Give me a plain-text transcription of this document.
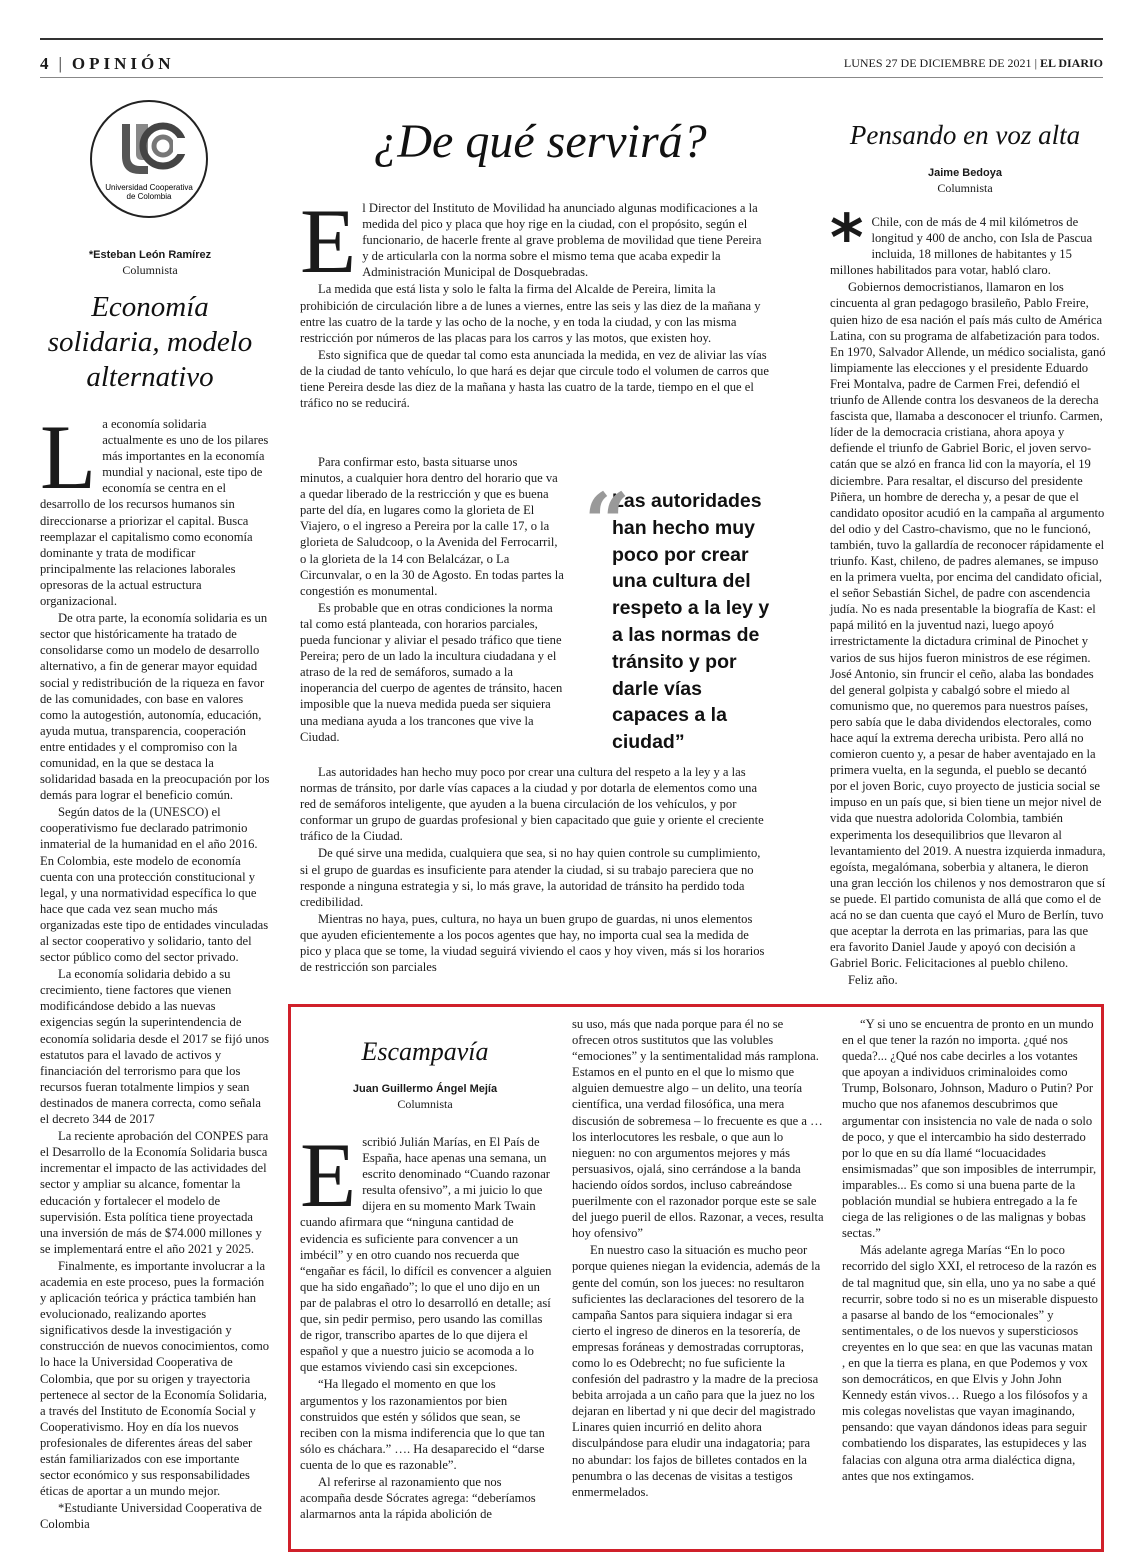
4 | OPINIÓN	LUNES 27 DE DICIEMBRE DE 2021 | EL DIARIO
Universidad Cooperativa
de Colombia
*Esteban León Ramírez
Columnista
Economía solidaria, modelo alternativo

La economía solidaria actualmente es uno de los pilares más importantes en la economía mundial y nacional, este tipo de economía se centra en el desarrollo de los recursos humanos sin direccionarse a priorizar el capital. Busca reemplazar el capitalismo como economía dominante y trata de modificar principalmente las relaciones laborales opresoras de la actual estructura organizacional.

De otra parte, la economía solidaria es un sector que históricamente ha tratado de consolidarse como un modelo de desarrollo alternativo, a fin de generar mayor equidad social y redistribución de la riqueza en favor de las comunidades, con base en valores como la autogestión, autonomía, educación, ayuda mutua, transparencia, cooperación entre entidades y el compromiso con la comunidad, en la que se destaca la solidaridad basada en la preocupación por los demás para lograr el beneficio común.

Según datos de la (UNESCO) el cooperativismo fue declarado patrimonio inmaterial de la humanidad en el año 2016. En Colombia, este modelo de economía cuenta con una protección constitucional y legal, y una normatividad específica lo que hace que cada vez sean mucho más organizadas este tipo de entidades vinculadas al sector cooperativo y solidario, tanto del sector público como del sector privado.

La economía solidaria debido a su crecimiento, tiene factores que vienen modificándose debido a las nuevas exigencias según la superintendencia de economía solidaria desde el 2017 se fijó unos estatutos para el lavado de activos y financiación del terrorismo para que los recursos fueran totalmente limpios y sean destinados de manera correcta, como señala el decreto 344 de 2017

La reciente aprobación del CONPES para el Desarrollo de la Economía Solidaria busca incrementar el impacto de las actividades del sector y ampliar su alcance, fomentar la educación y fortalecer el modelo de supervisión. Esta política tiene proyectada una inversión de más de $74.000 millones y se implementará entre el año 2021 y 2025.

Finalmente, es importante involucrar a la academia en este proceso, pues la formación y aplicación teórica y práctica también han evolucionado, realizando aportes significativos desde la investigación y construcción de nuevos conocimientos, como lo hace la Universidad Cooperativa de Colombia, que por su origen y trayectoria pertenece al sector de la Economía Solidaria, a través del Instituto de Economía Social y Cooperativismo. Hoy en día los nuevos profesionales de diferentes áreas del saber están familiarizados con ese importante sector económico y sus responsabilidades éticas de aportar a un mundo mejor.

*Estudiante Universidad Cooperativa de Colombia

¿De qué servirá?

El Director del Instituto de Movilidad ha anunciado algunas modificaciones a la medida del pico y placa que hoy rige en la ciudad, con el propósito, según el funcionario, de hacerle frente al grave problema de movilidad que tiene Pereira y de articularla con la norma sobre el mismo tema que acaba expedir la Administración Municipal de Dosquebradas.

La medida que está lista y solo le falta la firma del Alcalde de Pereira, limita la prohibición de circulación libre a de lunes a viernes, entre las seis y las diez de la mañana y entre las cuatro de la tarde y las ocho de la noche, y en toda la ciudad, y con las misma restricción por números de las placas para los carros y las motos, que existen hoy.

Esto significa que de quedar tal como esta anunciada la medida, en vez de aliviar las vías de la ciudad de tanto vehículo, lo que hará es dejar que circule todo el volumen de carros que tiene Pereira desde las diez de la mañana y hasta las cuatro de la tarde, tiempo en el que el tráfico no se reducirá.

Para confirmar esto, basta situarse unos minutos, a cualquier hora dentro del horario que va a quedar liberado de la restricción y que es buena parte del día, en lugares como la glorieta de El Viajero, o el ingreso a Pereira por la calle 17, o la glorieta de Saludcoop, o la Avenida del Ferrocarril, o la glorieta de la 14 con Belalcázar, o La Circunvalar, o en la 30 de Agosto. En todas partes la congestión es monumental.

Es probable que en otras condiciones la norma tal como está planteada, con horarios parciales, pueda funcionar y aliviar el pesado tráfico que tiene Pereira; pero de un lado la incultura ciudadana y el atraso de la red de semáforos, sumado a la inoperancia del cuerpo de agentes de tránsito, hacen imposible que la nueva medida pueda ser siquiera una mediana ayuda a los trancones que vive la Ciudad.

“
Las autoridades han hecho muy poco por crear una cultura del respeto a la ley y a las normas de tránsito y por darle vías capaces a la ciudad”

Las autoridades han hecho muy poco por crear una cultura del respeto a la ley y a las normas de tránsito, por darle vías capaces a la ciudad y por dotarla de elementos como una red de semáforos inteligente, que ayuden a la buena circulación de los vehículos, y por conformar un grupo de guardas profesional y bien capacitado que guie y oriente el creciente tráfico de la Ciudad.

De qué sirve una medida, cualquiera que sea, si no hay quien controle su cumplimiento, si el grupo de guardas es insuficiente para atender la ciudad, si su trabajo pareciera que no responde a ninguna estrategia y si, lo más grave, la autoridad de tránsito ha perdido toda credibilidad.

Mientras no haya, pues, cultura, no haya un buen grupo de guardas, ni unos elementos que ayuden eficientemente a los pocos agentes que hay, no importa cual sea la medida de pico y placa que se tome, la viudad seguirá viviendo el caos y hoy viven, más si los horarios de restricción son parciales

Pensando en voz alta
Jaime Bedoya
Columnista

* Chile, con de más de 4 mil kilómetros de longitud y 400 de ancho, con Isla de Pascua incluida, 18 millones de habitantes y 15 millones habilitados para votar, habló claro.

Gobiernos democristianos, llamaron en los cincuenta al gran pedagogo brasileño, Pablo Freire, quien hizo de esa nación el país más culto de América Latina, con su programa de alfabetización para todos. En 1970, Salvador Allende, un médico socialista, ganó limpiamente las elecciones y el presidente Eduardo Frei Montalva, padre de Carmen Frei, defendió el triunfo de Allende contra los desvaneos de la derecha fascista que, llamaba a desconocer el triunfo. Carmen, líder de la democracia cristiana, ahora apoya y defiende el triunfo de Gabriel Boric, el joven servo-catán que se alzó en franca lid con la mayoría, el 19 diciembre. Para resaltar, el discurso del presidente Piñera, un hombre de derecha y, a pesar de que el candidato opositor acudió en la campaña al argumento del odio y del Castro-chavismo, que no le funcionó, también, tuvo la gallardía de reconocer rápidamente el triunfo. Kast, chileno, de padres alemanes, se impuso en la primera vuelta, por encima del candidato oficial, el señor Sebastián Sichel, de padre con ascendencia judía. No es nada presentable la biografía de Kast: el papá militó en la juventud nazi, luego apoyó irrestrictamente la dictadura criminal de Pinochet y varios de sus hijos fueron ministros de ese régimen. José Antonio, sin fruncir el ceño, alaba las bondades del general golpista y cabalgó sobre el miedo al comunismo que, no queremos para nuestros países, pero sabía que le daba dividendos electorales, como hace aquí la extrema derecha uribista. Pero allá no comieron cuento y, a pesar de haber aventajado en la primera vuelta, en la segunda, el pueblo se decantó por el joven Boric, cuyo proyecto de justicia social se impuso en un país que, si bien tiene un mejor nivel de vida que nuestra adolorida Colombia, también experimenta los desequilibrios que llevaron al levantamiento del 2019. A nuestra izquierda inmadura, egoísta, megalómana, soberbia y altanera, le dieron una gran lección los chilenos y nos demostraron que sí se puede. El partido comunista de allá que como el de acá no se dan cuenta que cayó el Muro de Berlín, tuvo que aceptar la derrota en las primarias, para las que era favorito Daniel Jaude y apoyó con decisión a Gabriel Boric. Felicitaciones al pueblo chileno.

Feliz año.

Escampavía
Juan Guillermo Ángel Mejía
Columnista

Escribió Julián Marías, en El País de España, hace apenas una semana, un escrito denominado “Cuando razonar resulta ofensivo”, a mi juicio lo que dijera en su momento Mark Twain cuando afirmara que “ninguna cantidad de evidencia es suficiente para convencer a un imbécil” y en otro cuando nos recuerda que “engañar es fácil, lo difícil es convencer a alguien que ha sido engañado”; lo que el uno dijo en un par de palabras el otro lo desarrolló en detalle; así que, sin pedir permiso, pero usando las comillas de rigor, transcribo apartes de lo que dijera el español y que a nuestro juicio se acomoda a lo que estamos viviendo casi sin excepciones.

“Ha llegado el momento en que los argumentos y los razonamientos por bien construidos que estén y sólidos que sean, se reciben con la misma indiferencia que lo que tan sólo es cháchara.” …. Ha desaparecido el “darse cuenta de lo que es razonable”.

Al referirse al razonamiento que nos acompaña desde Sócrates agrega: “deberíamos alarmarnos anta la rápida abolición de

su uso, más que nada porque para él no se ofrecen otros sustitutos que las volubles “emociones” y la sentimentalidad más ramplona. Estamos en el punto en el que lo mismo que alguien demuestre algo – un delito, una teoría científica, una verdad filosófica, una mera discusión de sobremesa – lo frecuente es que a … los interlocutores les resbale, o que aun lo nieguen: no con argumentos mejores y más persuasivos, ojalá, sino cerrándose a la banda haciendo oídos sordos, incluso cabreándose puerilmente con el razonador porque este se sale del juego pueril de ellos. Razonar, a veces, resulta hoy ofensivo”

En nuestro caso la situación es mucho peor porque quienes niegan la evidencia, además de la gente del común, son los jueces: no resultaron suficientes las declaraciones del tesorero de la campaña Santos para siquiera indagar si era cierto el ingreso de dineros en la tesorería, de empresas foráneas y demostradas corruptoras, como lo es Odebrecht; no fue suficiente la confesión del padrastro y la madre de la preciosa bebita arrojada a un caño para que la juez no los dejaran en libertad y ni que decir del magistrado Linares quien incurrió en delito ahora disculpándose para eludir una indagatoria; para no abundar: los fajos de billetes contados en la penumbra o las decenas de visitas a testigos enmermelados.

“Y si uno se encuentra de pronto en un mundo en el que tener la razón no importa. ¿qué nos queda?... ¿Qué nos cabe decirles a los votantes que apoyan a individuos criminaloides como Trump, Bolsonaro, Johnson, Maduro o Putin? Por mucho que nos afanemos descubrimos que argumentar con insistencia no vale de nada o solo de poco, y que el intercambio ha sido desterrado por lo que en su día llamé “locuacidades ensimismadas” que son imposibles de interrumpir, imparables... Es como si una buena parte de la población mundial se hubiera entregado a la fe ciega de las religiones o de las malignas y bobas sectas.”

Más adelante agrega Marías “En lo poco recorrido del siglo XXI, el retroceso de la razón es de tal magnitud que, sin ella, uno ya no sabe a qué recurrir, sobre todo si no es un miserable dispuesto a pasarse al bando de los “emocionales” y sentimentales, o de los nuevos y supersticiosos creyentes en lo que sea: en que las vacunas matan , en que la tierra es plana, en que Podemos y vox son democráticos, en que Elvis y John John Kennedy están vivos… Ruego a los filósofos y a mis colegas novelistas que vayan imaginando, pensando: que vayan dándonos ideas para seguir combatiendo los disparates, las estupideces y las falacias con alguna otra arma dialéctica digna, antes que nos extingamos.
